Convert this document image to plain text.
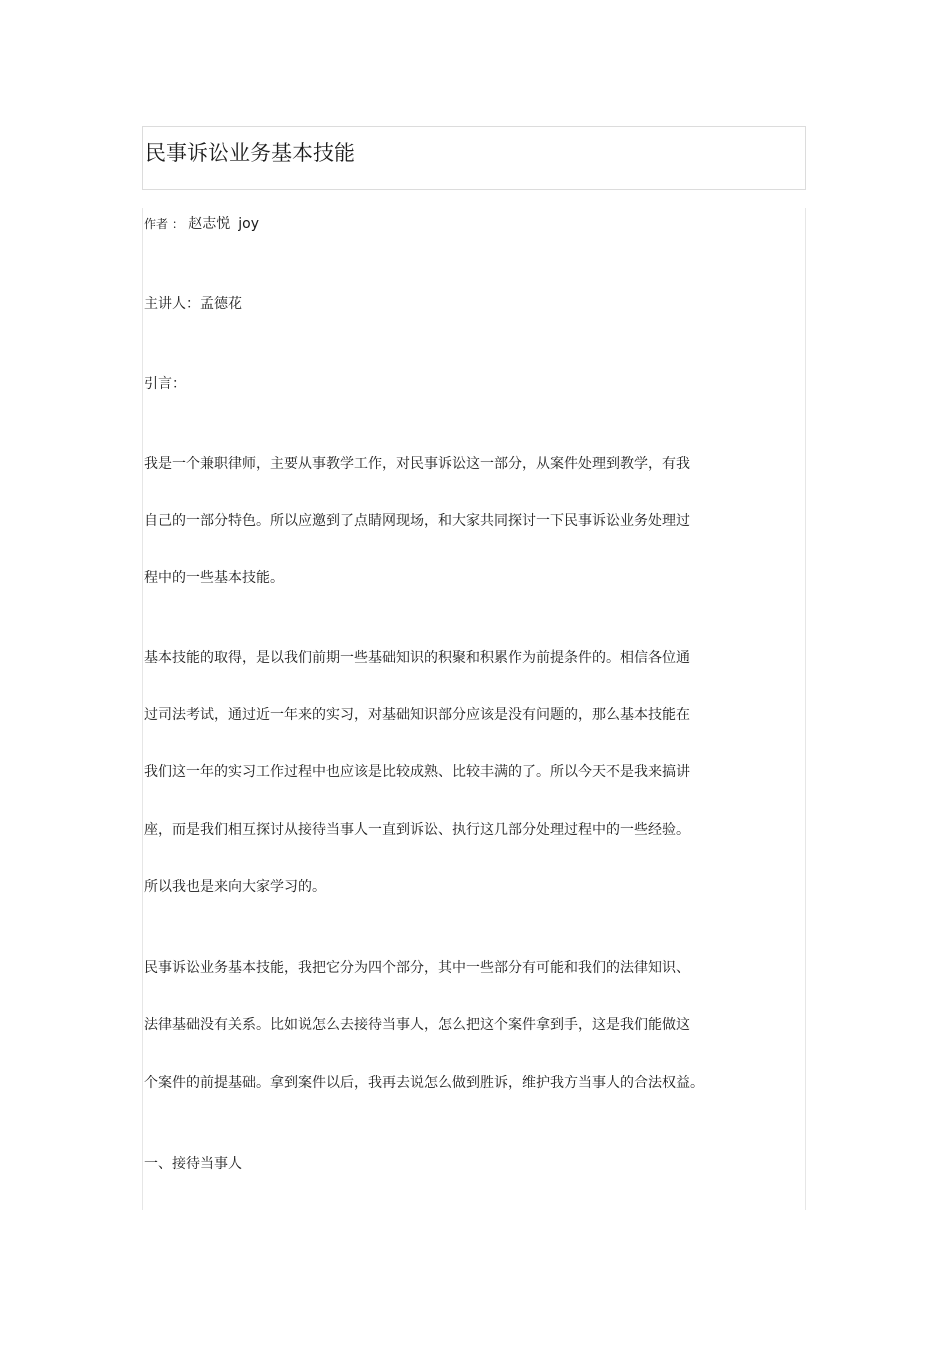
民事诉讼业务基本技能

作者 ： 赵志悦 joy

主讲人：孟德花

引言：

我是一个兼职律师，主要从事教学工作，对民事诉讼这一部分，从案件处理到教学，有我

自己的一部分特色。所以应邀到了点睛网现场，和大家共同探讨一下民事诉讼业务处理过

程中的一些基本技能。

基本技能的取得，是以我们前期一些基础知识的积聚和积累作为前提条件的。相信各位通

过司法考试，通过近一年来的实习，对基础知识部分应该是没有问题的，那么基本技能在

我们这一年的实习工作过程中也应该是比较成熟、比较丰满的了。所以今天不是我来搞讲

座，而是我们相互探讨从接待当事人一直到诉讼、执行这几部分处理过程中的一些经验。

所以我也是来向大家学习的。

民事诉讼业务基本技能，我把它分为四个部分，其中一些部分有可能和我们的法律知识、

法律基础没有关系。比如说怎么去接待当事人，怎么把这个案件拿到手，这是我们能做这

个案件的前提基础。拿到案件以后，我再去说怎么做到胜诉，维护我方当事人的合法权益。

一、接待当事人
